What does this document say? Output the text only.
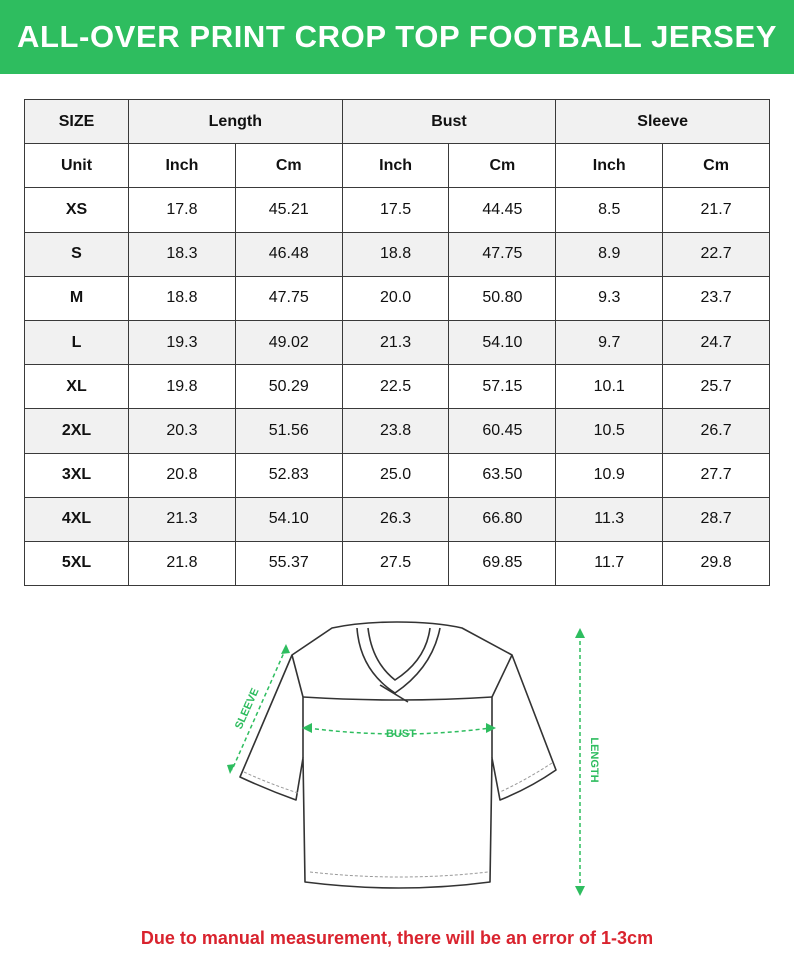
ALL-OVER PRINT CROP TOP FOOTBALL JERSEY
SIZE	Length		Bust		Sleeve	
Unit	Inch	Cm	Inch	Cm	Inch	Cm
XS	17.8	45.21	17.5	44.45	8.5	21.7
S	18.3	46.48	18.8	47.75	8.9	22.7
M	18.8	47.75	20.0	50.80	9.3	23.7
L	19.3	49.02	21.3	54.10	9.7	24.7
XL	19.8	50.29	22.5	57.15	10.1	25.7
2XL	20.3	51.56	23.8	60.45	10.5	26.7
3XL	20.8	52.83	25.0	63.50	10.9	27.7
4XL	21.3	54.10	26.3	66.80	11.3	28.7
5XL	21.8	55.37	27.5	69.85	11.7	29.8
SLEEVE
BUST
LENGTH
Due to manual measurement, there will be an error of 1-3cm
